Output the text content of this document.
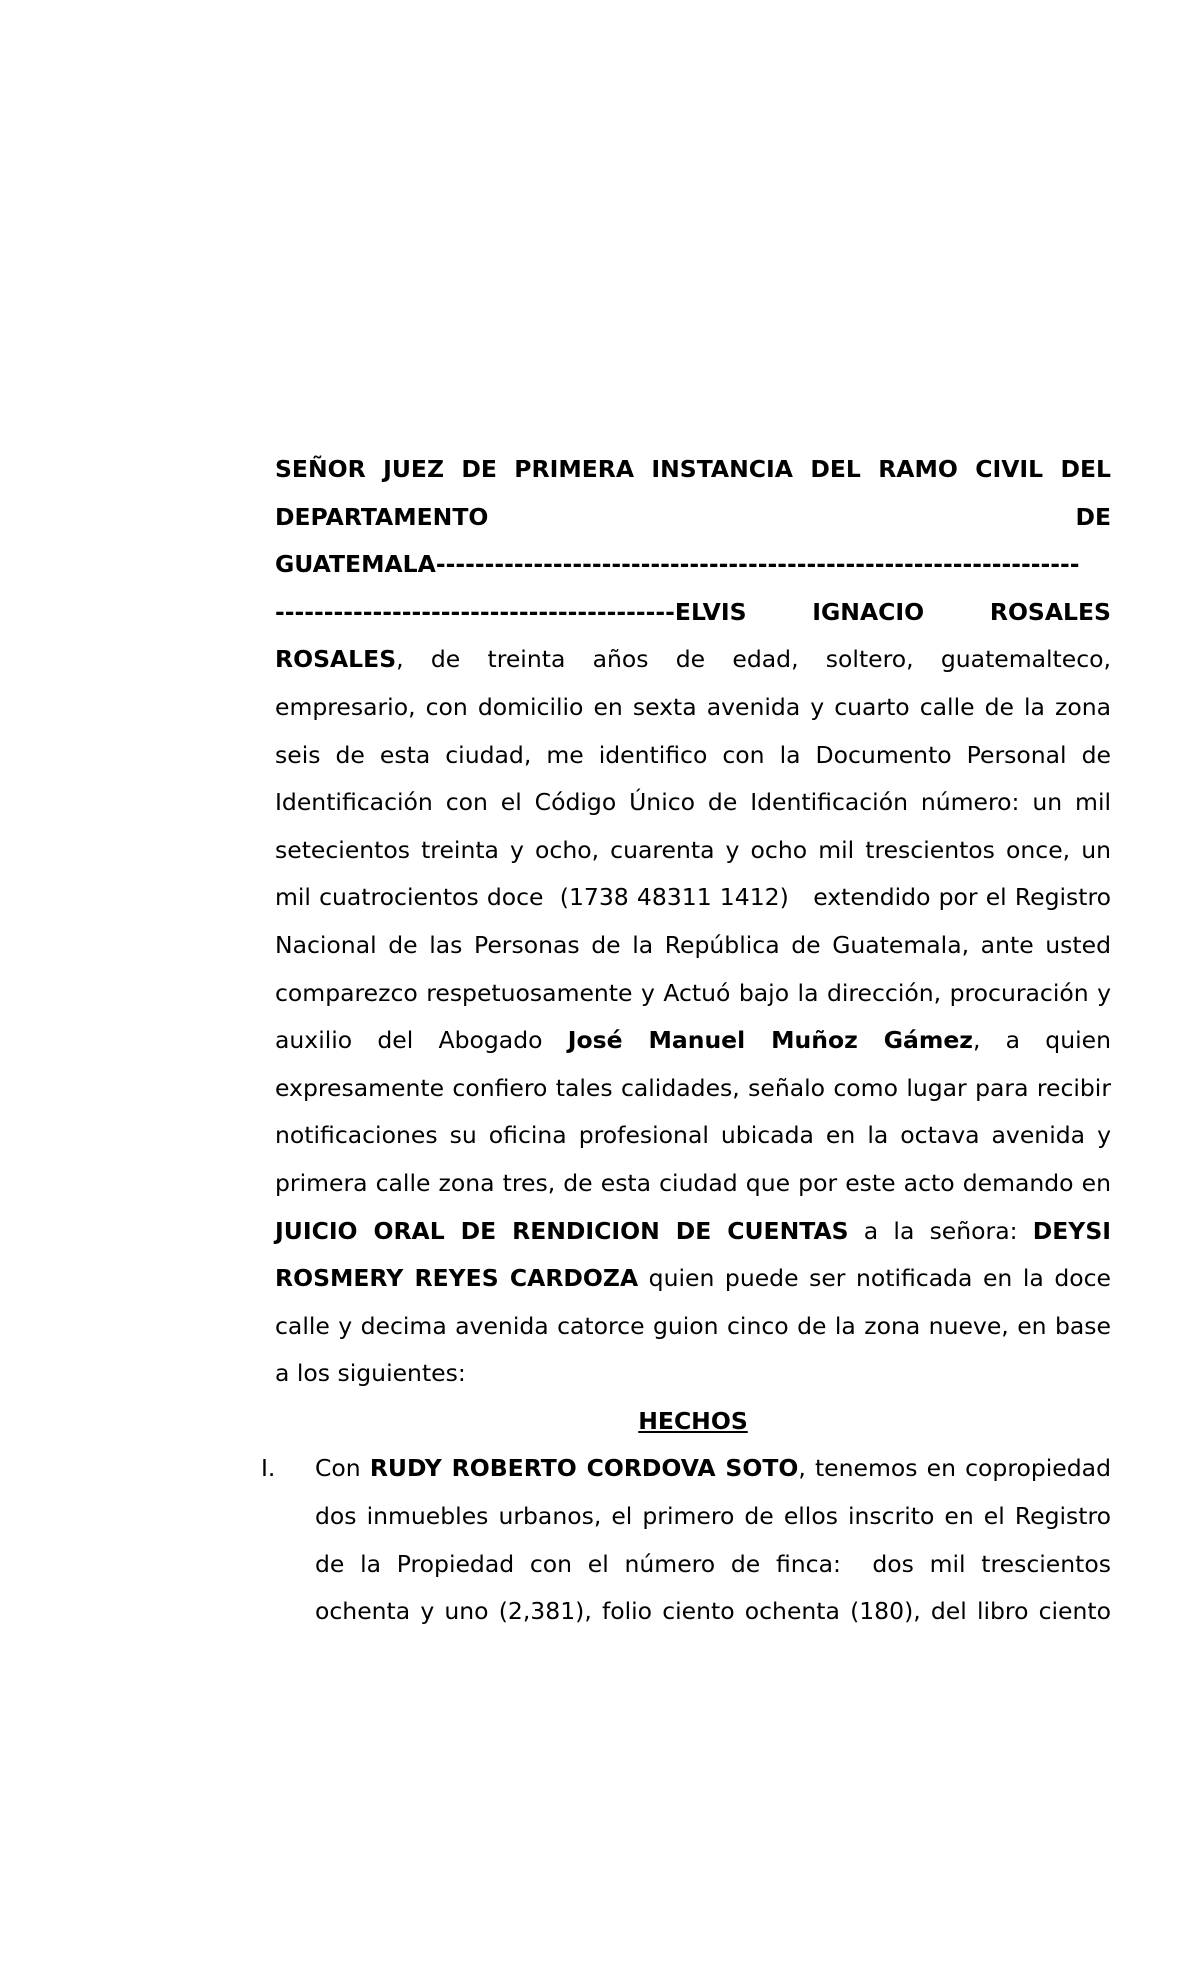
SEÑOR JUEZ DE PRIMERA INSTANCIA DEL RAMO CIVIL DEL
DEPARTAMENTO	DE
GUATEMALA------------------------------------------------------------------
-----------------------------------------ELVIS IGNACIO ROSALES
ROSALES, de treinta años de edad, soltero, guatemalteco,
empresario, con domicilio en sexta avenida y cuarto calle de la zona
seis de esta ciudad, me identifico con la Documento Personal de
Identificación con el Código Único de Identificación número: un mil
setecientos treinta y ocho, cuarenta y ocho mil trescientos once, un
mil cuatrocientos doce  (1738 48311 1412)   extendido por el Registro
Nacional de las Personas de la República de Guatemala, ante usted
comparezco respetuosamente y Actuó bajo la dirección, procuración y
auxilio del Abogado José Manuel Muñoz Gámez, a quien
expresamente confiero tales calidades, señalo como lugar para recibir
notificaciones su oficina profesional ubicada en la octava avenida y
primera calle zona tres, de esta ciudad que por este acto demando en
JUICIO ORAL DE RENDICION DE CUENTAS a la señora: DEYSI
ROSMERY REYES CARDOZA quien puede ser notificada en la doce
calle y decima avenida catorce guion cinco de la zona nueve, en base
a los siguientes:
HECHOS
I. Con RUDY ROBERTO CORDOVA SOTO, tenemos en copropiedad
dos inmuebles urbanos, el primero de ellos inscrito en el Registro
de la Propiedad con el número de finca:  dos mil trescientos
ochenta y uno (2,381), folio ciento ochenta (180), del libro ciento
